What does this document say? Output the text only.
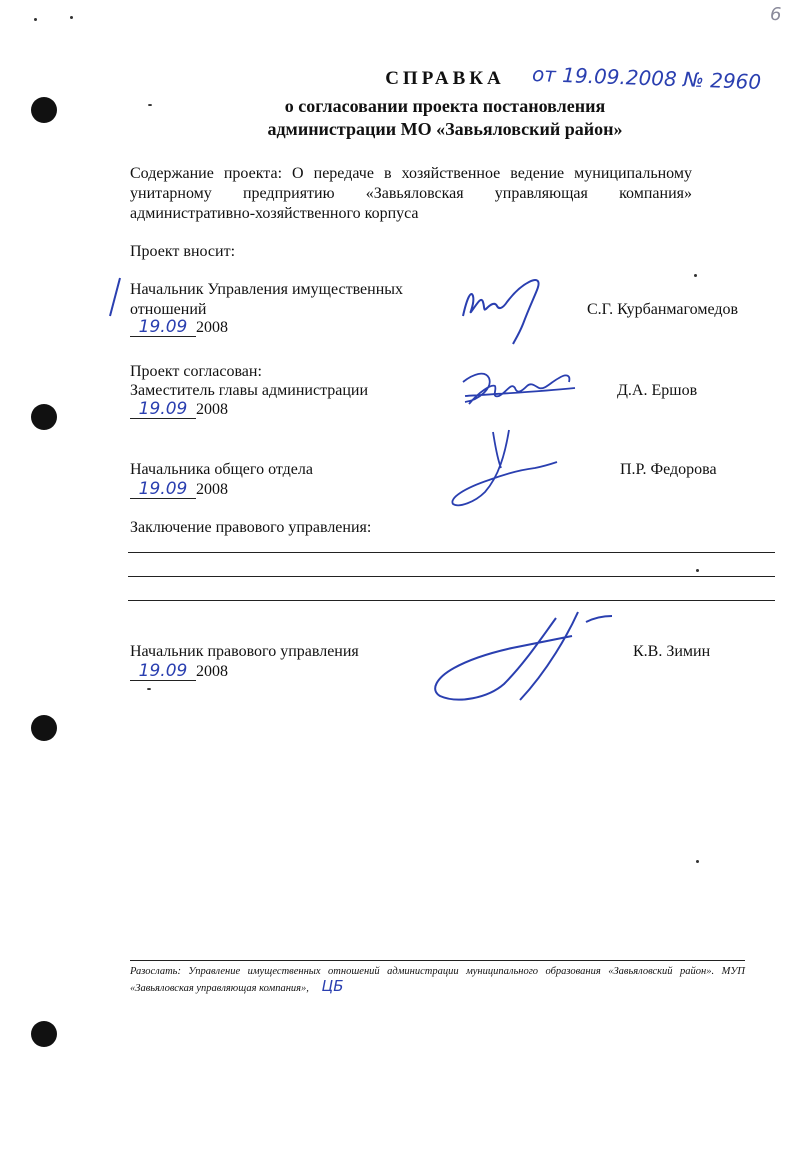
6
СПРАВКА
о согласовании проекта постановления
администрации МО «Завьяловский район»
от 19.09.2008 № 2960
Содержание проекта: О передаче в хозяйственное ведение муниципальному унитарному предприятию «Завьяловская управляющая компания» административно-хозяйственного корпуса
Проект вносит:
Начальник Управления имущественных
отношений
19.09 2008
С.Г. Курбанмагомедов
Проект согласован:
Заместитель главы администрации
19.09 2008
Д.А. Ершов
Начальника общего отдела
19.09 2008
П.Р. Федорова
Заключение правового управления:
Начальник правового управления
19.09 2008
К.В. Зимин
Разослать: Управление имущественных отношений администрации муниципального образования «Завьяловский район». МУП «Завьяловская управляющая компания», ЦБ
